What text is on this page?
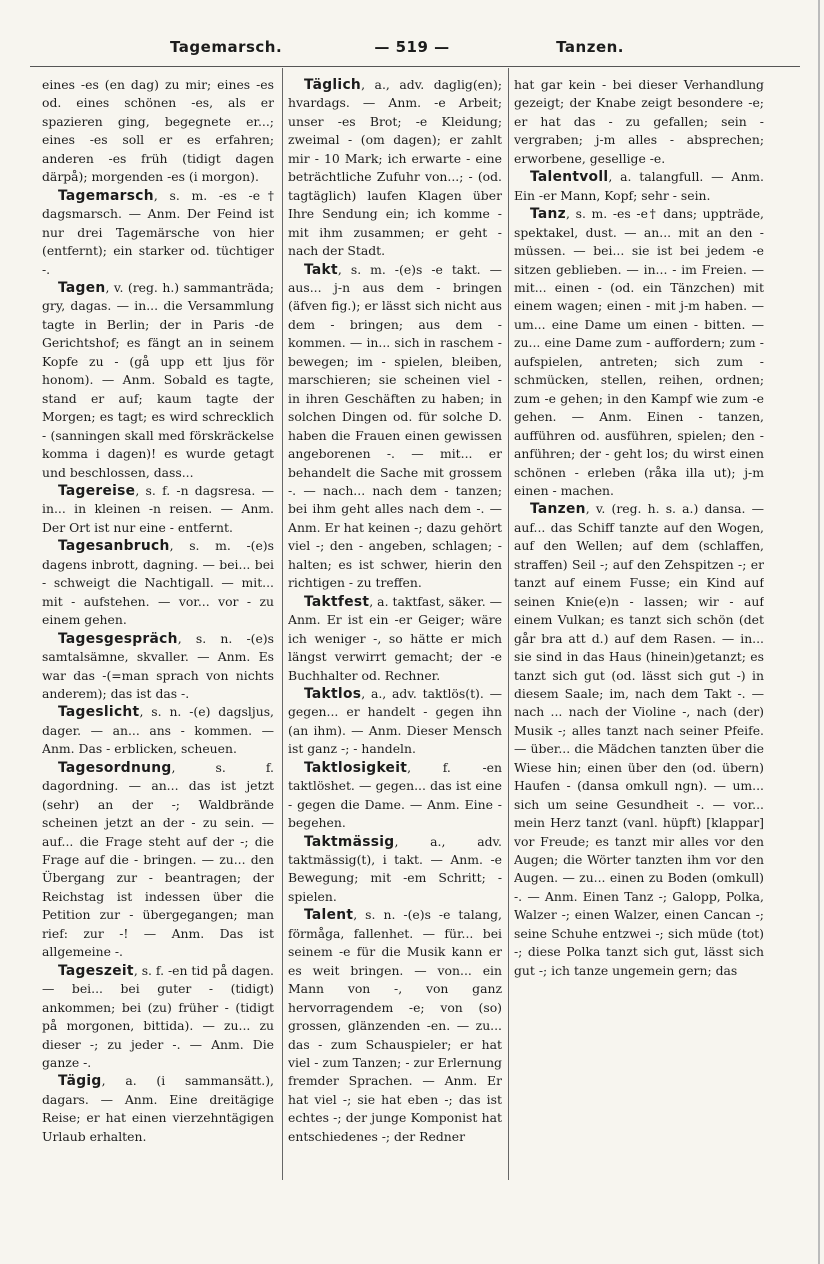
Tagemarsch.	— 519 —	Tanzen.

eines -es (en dag) zu mir; eines -es od. eines schönen -es, als er spazieren ging, begegnete er...; eines -es soll er es erfahren; anderen -es früh (tidigt dagen därpå); morgenden -es (i morgon).

Tagemarsch, s. m. -es -e† dagsmarsch. — Anm. Der Feind ist nur drei Tagemärsche von hier (entfernt); ein starker od. tüchtiger -.

Tagen, v. (reg. h.) sammanträda; gry, dagas. — in... die Versammlung tagte in Berlin; der in Paris -de Gerichtshof; es fängt an in seinem Kopfe zu - (gå upp ett ljus för honom). — Anm. Sobald es tagte, stand er auf; kaum tagte der Morgen; es tagt; es wird schrecklich - (sanningen skall med förskräckelse komma i dagen)! es wurde getagt und beschlossen, dass...

Tagereise, s. f. -n dagsresa. — in... in kleinen -n reisen. — Anm. Der Ort ist nur eine - entfernt.

Tagesanbruch, s. m. -(e)s dagens inbrott, dagning. — bei... bei - schweigt die Nachtigall. — mit... mit - aufstehen. — vor... vor - zu einem gehen.

Tagesgespräch, s. n. -(e)s samtalsämne, skvaller. — Anm. Es war das -(=man sprach von nichts anderem); das ist das -.

Tageslicht, s. n. -(e) dagsljus, dager. — an... ans - kommen. — Anm. Das - erblicken, scheuen.

Tagesordnung, s. f. dagordning. — an... das ist jetzt (sehr) an der -; Waldbrände scheinen jetzt an der - zu sein. — auf... die Frage steht auf der -; die Frage auf die - bringen. — zu... den Übergang zur - beantragen; der Reichstag ist indessen über die Petition zur - übergegangen; man rief: zur -! — Anm. Das ist allgemeine -.

Tageszeit, s. f. -en tid på dagen. — bei... bei guter - (tidigt) ankommen; bei (zu) früher - (tidigt på morgonen, bittida). — zu... zu dieser -; zu jeder -. — Anm. Die ganze -.

Tägig, a. (i sammansätt.), dagars. — Anm. Eine dreitägige Reise; er hat einen vierzehntägigen Urlaub erhalten.

Täglich, a., adv. daglig(en); hvardags. — Anm. -e Arbeit; unser -es Brot; -e Kleidung; zweimal - (om dagen); er zahlt mir - 10 Mark; ich erwarte - eine beträchtliche Zufuhr von...; - (od. tagtäglich) laufen Klagen über Ihre Sendung ein; ich komme - mit ihm zusammen; er geht - nach der Stadt.

Takt, s. m. -(e)s -e takt. — aus... j-n aus dem - bringen (äfven fig.); er lässt sich nicht aus dem - bringen; aus dem - kommen. — in... sich in raschem - bewegen; im - spielen, bleiben, marschieren; sie scheinen viel - in ihren Geschäften zu haben; in solchen Dingen od. für solche D. haben die Frauen einen gewissen angeborenen -. — mit... er behandelt die Sache mit grossem -. — nach... nach dem - tanzen; bei ihm geht alles nach dem -. — Anm. Er hat keinen -; dazu gehört viel -; den - angeben, schlagen; - halten; es ist schwer, hierin den richtigen - zu treffen.

Taktfest, a. taktfast, säker. — Anm. Er ist ein -er Geiger; wäre ich weniger -, so hätte er mich längst verwirrt gemacht; der -e Buchhalter od. Rechner.

Taktlos, a., adv. taktlös(t). — gegen... er handelt - gegen ihn (an ihm). — Anm. Dieser Mensch ist ganz -; - handeln.

Taktlosigkeit, f. -en taktlöshet. — gegen... das ist eine - gegen die Dame. — Anm. Eine - begehen.

Taktmässig, a., adv. taktmässig(t), i takt. — Anm. -e Bewegung; mit -em Schritt; - spielen.

Talent, s. n. -(e)s -e talang, förmåga, fallenhet. — für... bei seinem -e für die Musik kann er es weit bringen. — von... ein Mann von -, von ganz hervorragendem -e; von (so) grossen, glänzenden -en. — zu... das - zum Schauspieler; er hat viel - zum Tanzen; - zur Erlernung fremder Sprachen. — Anm. Er hat viel -; sie hat eben -; das ist echtes -; der junge Komponist hat entschiedenes -; der Redner

hat gar kein - bei dieser Verhandlung gezeigt; der Knabe zeigt besondere -e; er hat das - zu gefallen; sein - vergraben; j-m alles - absprechen; erworbene, gesellige -e.

Talentvoll, a. talangfull. — Anm. Ein -er Mann, Kopf; sehr - sein.

Tanz, s. m. -es -e† dans; uppträde, spektakel, dust. — an... mit an den - müssen. — bei... sie ist bei jedem -e sitzen geblieben. — in... - im Freien. — mit... einen - (od. ein Tänzchen) mit einem wagen; einen - mit j-m haben. — um... eine Dame um einen - bitten. — zu... eine Dame zum - auffordern; zum - aufspielen, antreten; sich zum - schmücken, stellen, reihen, ordnen; zum -e gehen; in den Kampf wie zum -e gehen. — Anm. Einen - tanzen, aufführen od. ausführen, spielen; den - anführen; der - geht los; du wirst einen schönen - erleben (råka illa ut); j-m einen - machen.

Tanzen, v. (reg. h. s. a.) dansa. — auf... das Schiff tanzte auf den Wogen, auf den Wellen; auf dem (schlaffen, straffen) Seil -; auf den Zehspitzen -; er tanzt auf einem Fusse; ein Kind auf seinen Knie(e)n - lassen; wir - auf einem Vulkan; es tanzt sich schön (det går bra att d.) auf dem Rasen. — in... sie sind in das Haus (hinein)getanzt; es tanzt sich gut (od. lässt sich gut -) in diesem Saale; im, nach dem Takt -. — nach ... nach der Violine -, nach (der) Musik -; alles tanzt nach seiner Pfeife. — über... die Mädchen tanzten über die Wiese hin; einen über den (od. übern) Haufen - (dansa omkull ngn). — um... sich um seine Gesundheit -. — vor... mein Herz tanzt (vanl. hüpft) [klappar] vor Freude; es tanzt mir alles vor den Augen; die Wörter tanzten ihm vor den Augen. — zu... einen zu Boden (omkull) -. — Anm. Einen Tanz -; Galopp, Polka, Walzer -; einen Walzer, einen Cancan -; seine Schuhe entzwei -; sich müde (tot) -; diese Polka tanzt sich gut, lässt sich gut -; ich tanze ungemein gern; das
